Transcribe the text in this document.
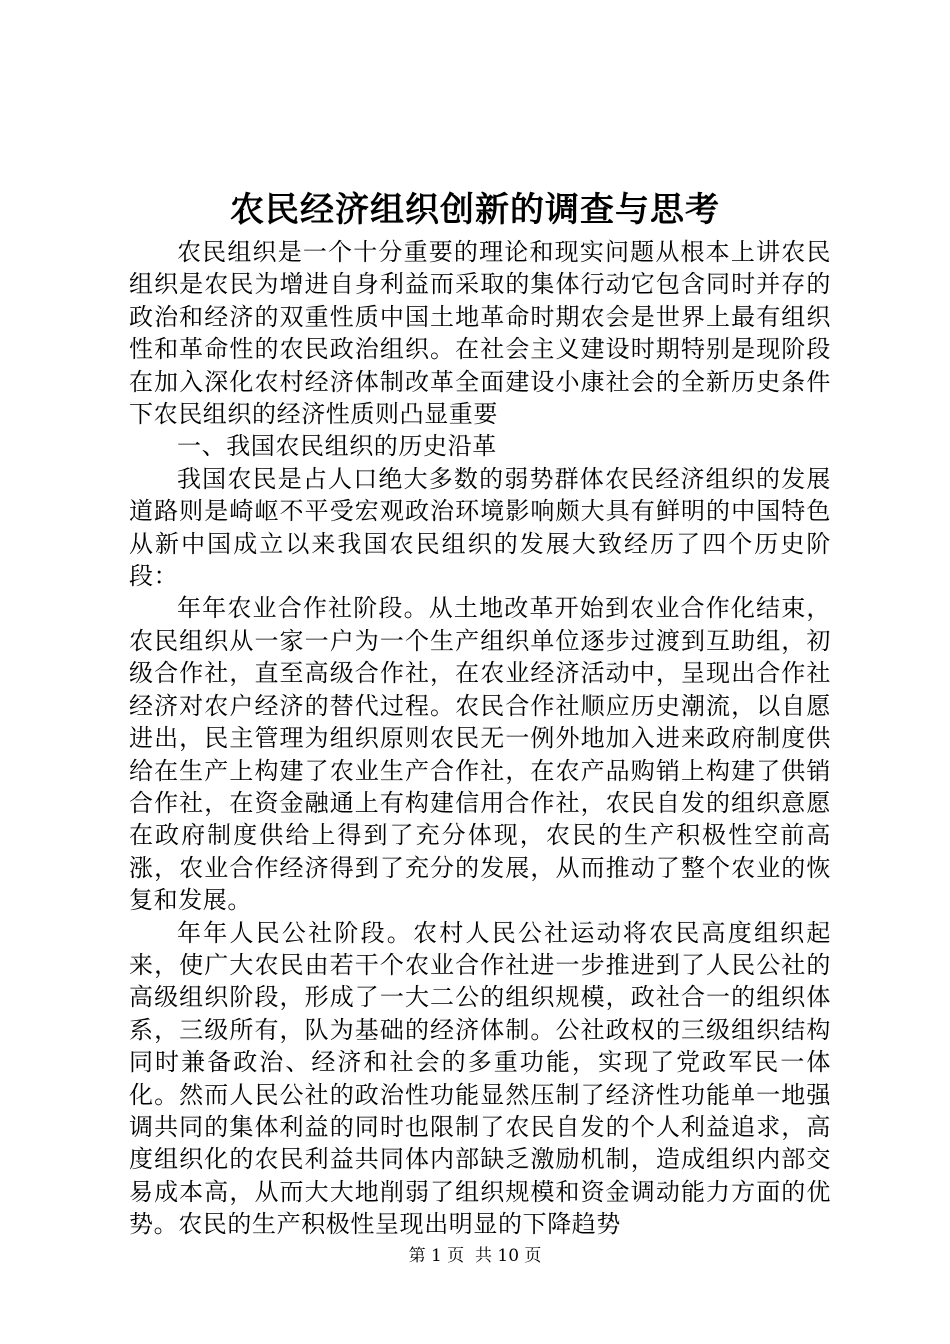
农民经济组织创新的调查与思考

农民组织是一个十分重要的理论和现实问题从根本上讲农民组织是农民为增进自身利益而采取的集体行动它包含同时并存的政治和经济的双重性质中国土地革命时期农会是世界上最有组织性和革命性的农民政治组织。在社会主义建设时期特别是现阶段在加入深化农村经济体制改革全面建设小康社会的全新历史条件下农民组织的经济性质则凸显重要

一、我国农民组织的历史沿革

我国农民是占人口绝大多数的弱势群体农民经济组织的发展道路则是崎岖不平受宏观政治环境影响颇大具有鲜明的中国特色从新中国成立以来我国农民组织的发展大致经历了四个历史阶段：

年年农业合作社阶段。从土地改革开始到农业合作化结束，农民组织从一家一户为一个生产组织单位逐步过渡到互助组，初级合作社，直至高级合作社，在农业经济活动中，呈现出合作社经济对农户经济的替代过程。农民合作社顺应历史潮流，以自愿进出，民主管理为组织原则农民无一例外地加入进来政府制度供给在生产上构建了农业生产合作社，在农产品购销上构建了供销合作社，在资金融通上有构建信用合作社，农民自发的组织意愿在政府制度供给上得到了充分体现，农民的生产积极性空前高涨，农业合作经济得到了充分的发展，从而推动了整个农业的恢复和发展。

年年人民公社阶段。农村人民公社运动将农民高度组织起来，使广大农民由若干个农业合作社进一步推进到了人民公社的高级组织阶段，形成了一大二公的组织规模，政社合一的组织体系，三级所有，队为基础的经济体制。公社政权的三级组织结构同时兼备政治、经济和社会的多重功能，实现了党政军民一体化。然而人民公社的政治性功能显然压制了经济性功能单一地强调共同的集体利益的同时也限制了农民自发的个人利益追求，高度组织化的农民利益共同体内部缺乏激励机制，造成组织内部交易成本高，从而大大地削弱了组织规模和资金调动能力方面的优势。农民的生产积极性呈现出明显的下降趋势

第 1 页  共 10 页
